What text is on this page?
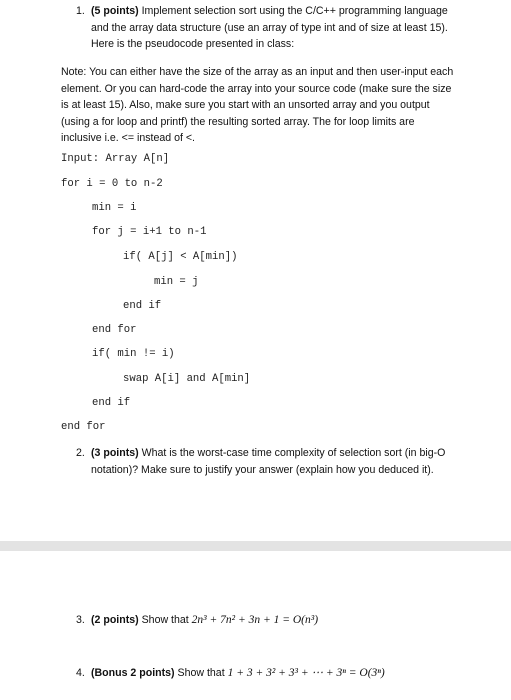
1. (5 points) Implement selection sort using the C/C++ programming language and the array data structure (use an array of type int and of size at least 15). Here is the pseudocode presented in class:
Note: You can either have the size of the array as an input and then user-input each element. Or you can hard-code the array into your source code (make sure the size is at least 15). Also, make sure you start with an unsorted array and you output (using a for loop and printf) the resulting sorted array. The for loop limits are inclusive i.e. <= instead of <.
Input: Array A[n]
for i = 0 to n-2
min = i
for j = i+1 to n-1
if( A[j] < A[min])
min = j
end if
end for
if( min != i)
swap A[i] and A[min]
end if
end for
2. (3 points) What is the worst-case time complexity of selection sort (in big-O notation)? Make sure to justify your answer (explain how you deduced it).
3. (2 points) Show that 2n³ + 7n² + 3n + 1 = O(n³)
4. (Bonus 2 points) Show that 1 + 3 + 3² + 3³ + ⋯ + 3ⁿ = O(3ⁿ)
